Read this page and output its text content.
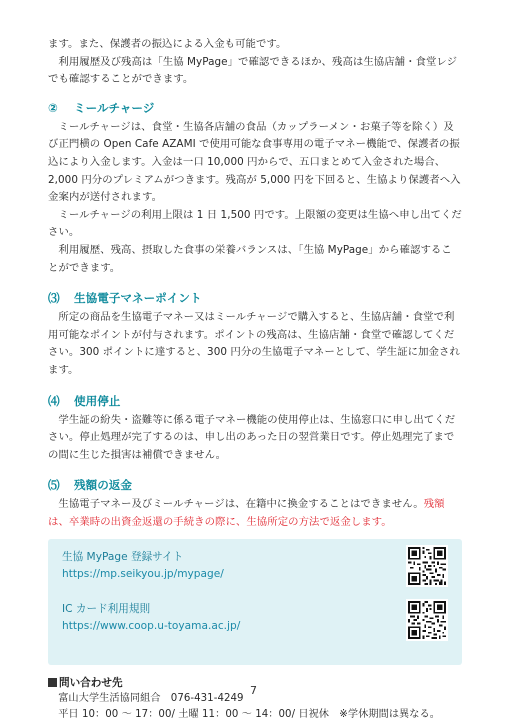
ます。また、保護者の振込による入金も可能です。

利用履歴及び残高は「生協 MyPage」で確認できるほか、残高は生協店舗・食堂レジでも確認することができます。

②	ミールチャージ

ミールチャージは、食堂・生協各店舗の食品（カップラーメン・お菓子等を除く）及び正門横の Open Cafe AZAMI で使用可能な食事専用の電子マネー機能で、保護者の振込により入金します。入金は一口 10,000 円からで、五口まとめて入金された場合、2,000 円分のプレミアムがつきます。残高が 5,000 円を下回ると、生協より保護者へ入金案内が送付されます。

ミールチャージの利用上限は 1 日 1,500 円です。上限額の変更は生協へ申し出てください。

利用履歴、残高、摂取した食事の栄養バランスは、「生協 MyPage」から確認することができます。

⑶	生協電子マネーポイント

所定の商品を生協電子マネー又はミールチャージで購入すると、生協店舗・食堂で利用可能なポイントが付与されます。ポイントの残高は、生協店舗・食堂で確認してください。300 ポイントに達すると、300 円分の生協電子マネーとして、学生証に加金されます。

⑷	使用停止

学生証の紛失・盗難等に係る電子マネー機能の使用停止は、生協窓口に申し出てください。停止処理が完了するのは、申し出のあった日の翌営業日です。停止処理完了までの間に生じた損害は補償できません。

⑸	残額の返金

生協電子マネー及びミールチャージは、在籍中に換金することはできません。残額は、卒業時の出資金返還の手続きの際に、生協所定の方法で返金します。

生協 MyPage 登録サイト
https://mp.seikyou.jp/mypage/
IC カード利用規則
https://www.coop.u-toyama.ac.jp/
問い合わせ先

富山大学生活協同組合　076-431-4249

平日 10：00 ～ 17：00/ 土曜 11：00 ～ 14：00/ 日祝休　※学休期間は異なる。

7
